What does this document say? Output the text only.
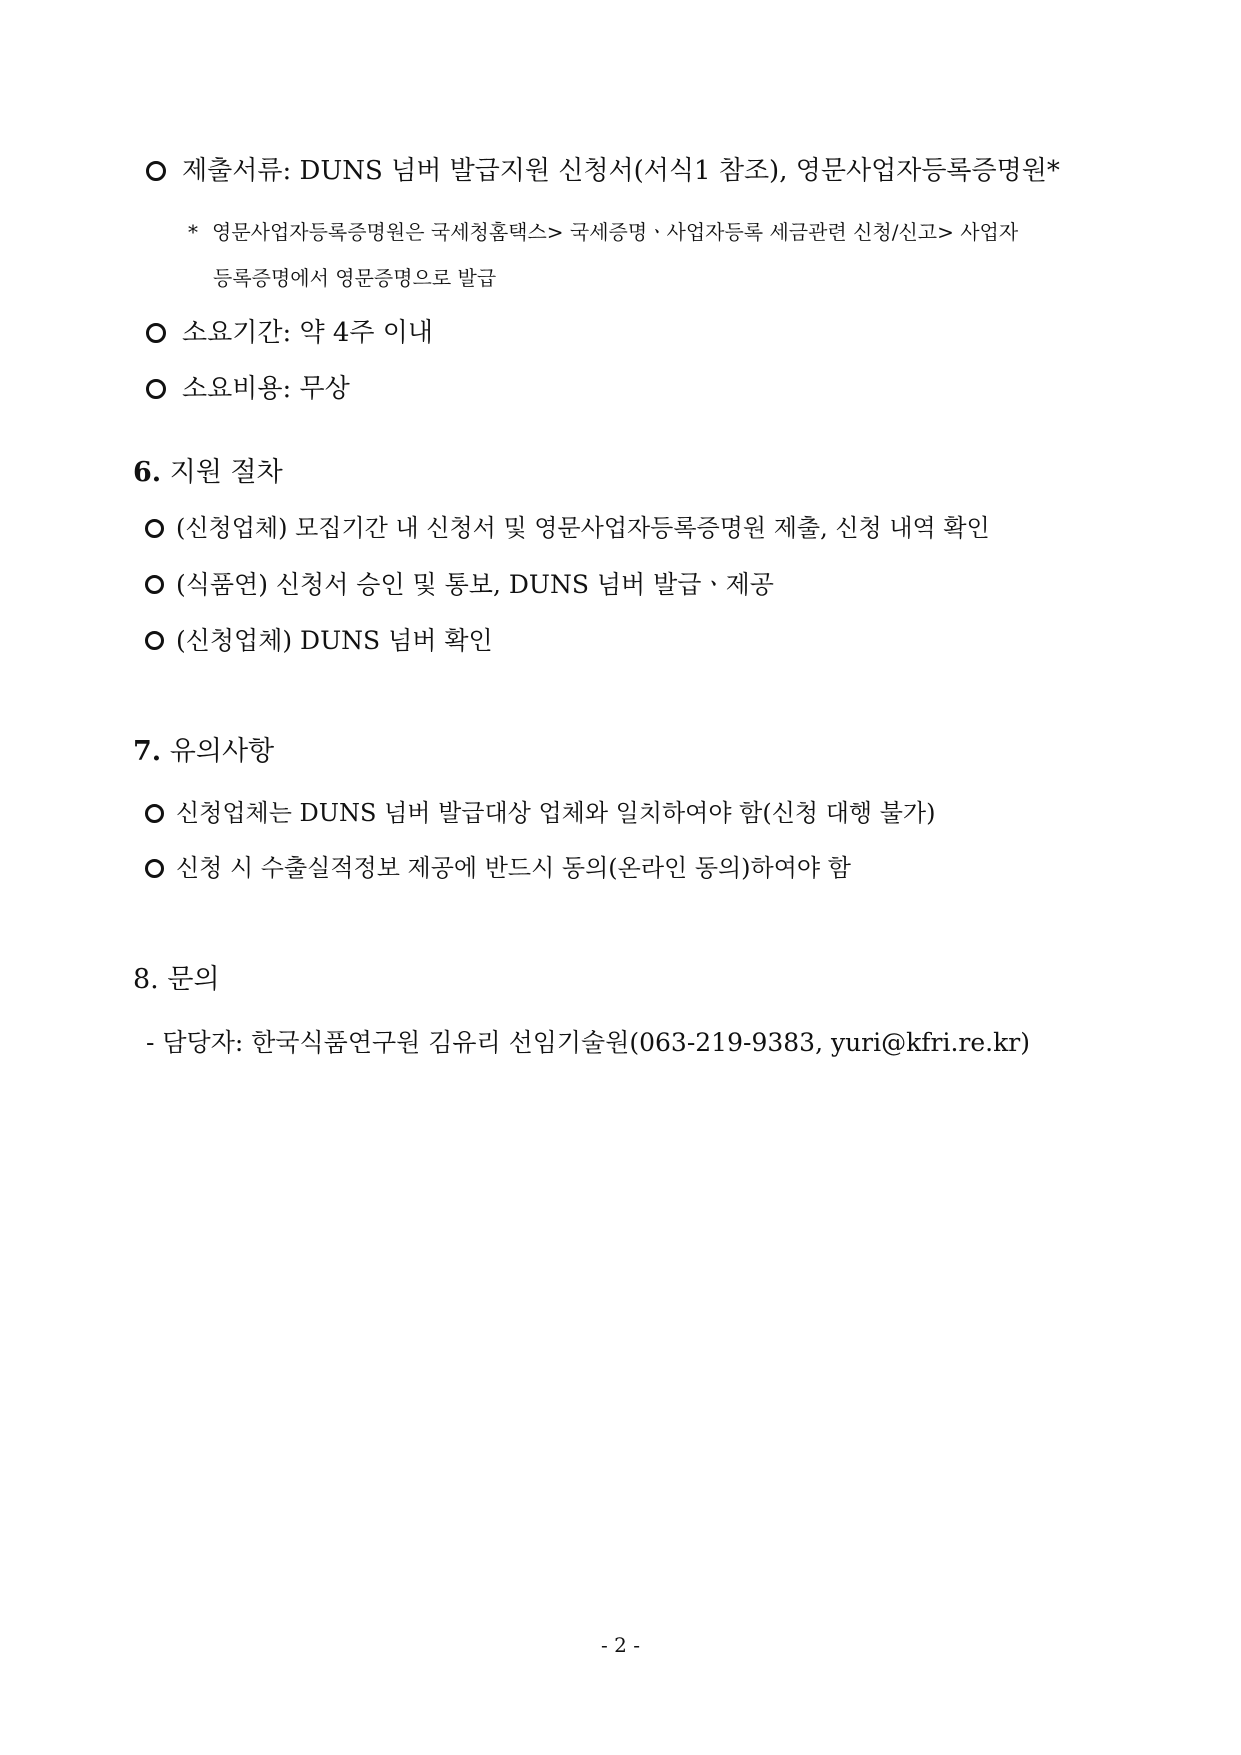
제출서류: DUNS 넘버 발급지원 신청서(서식1 참조), 영문사업자등록증명원*
* 영문사업자등록증명원은 국세청홈택스> 국세증명ㆍ사업자등록 세금관련 신청/신고> 사업자
등록증명에서 영문증명으로 발급
소요기간: 약 4주 이내
소요비용: 무상
6. 지원 절차
(신청업체) 모집기간 내 신청서 및 영문사업자등록증명원 제출, 신청 내역 확인
(식품연) 신청서 승인 및 통보, DUNS 넘버 발급ㆍ제공
(신청업체) DUNS 넘버 확인
7. 유의사항
신청업체는 DUNS 넘버 발급대상 업체와 일치하여야 함(신청 대행 불가)
신청 시 수출실적정보 제공에 반드시 동의(온라인 동의)하여야 함
8. 문의
- 담당자: 한국식품연구원 김유리 선임기술원(063-219-9383, yuri@kfri.re.kr)
- 2 -
